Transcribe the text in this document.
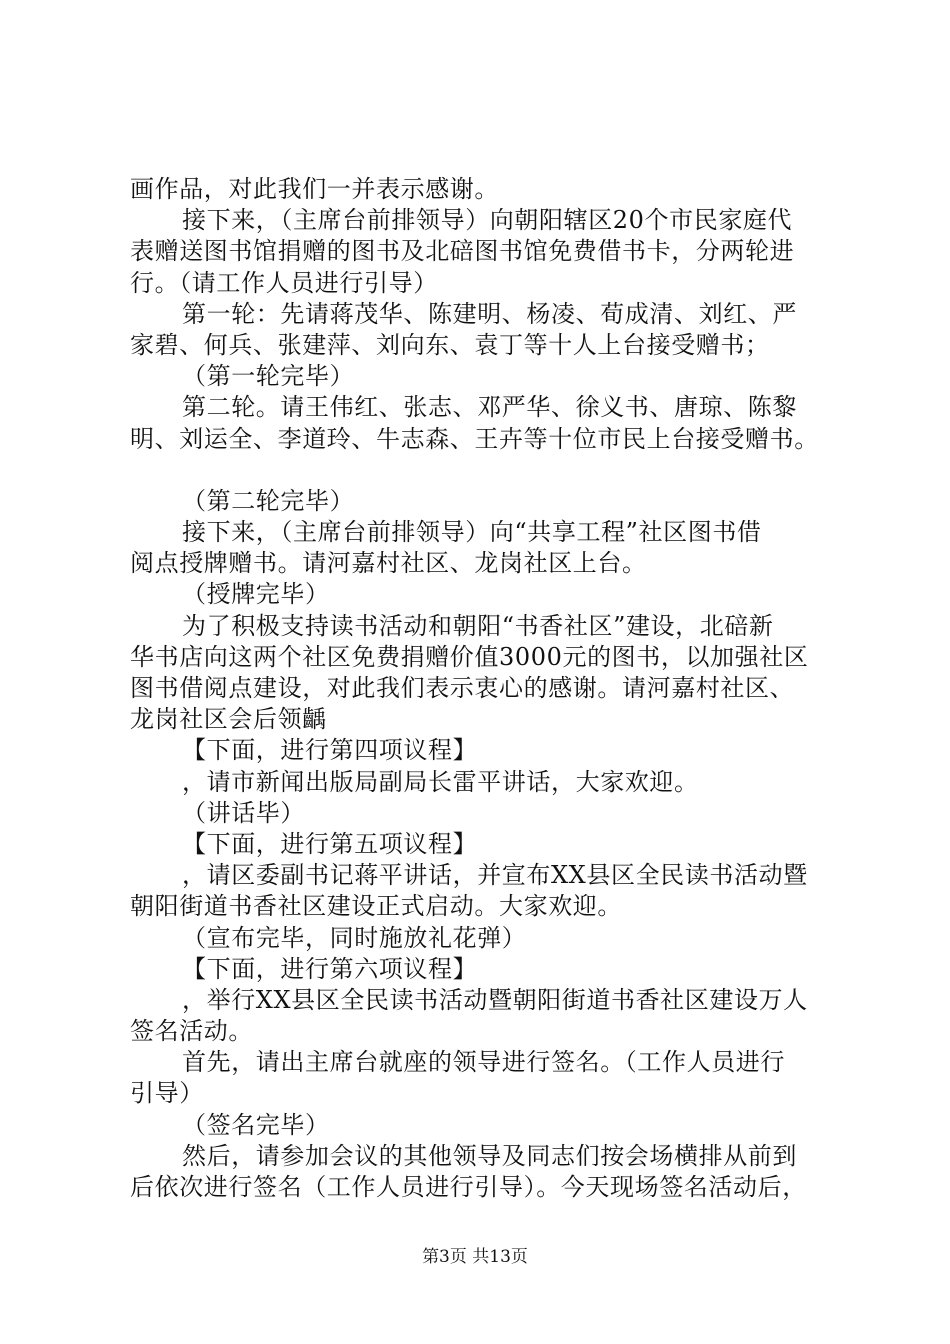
画作品，对此我们一并表示感谢。
接下来，（主席台前排领导）向朝阳辖区20个市民家庭代
表赠送图书馆捐赠的图书及北碚图书馆免费借书卡，分两轮进
行。（请工作人员进行引导）
第一轮：先请蒋茂华、陈建明、杨凌、荀成清、刘红、严
家碧、何兵、张建萍、刘向东、袁丁等十人上台接受赠书；
（第一轮完毕）
第二轮。请王伟红、张志、邓严华、徐义书、唐琼、陈黎
明、刘运全、李道玲、牛志森、王卉等十位市民上台接受赠书。
（第二轮完毕）
接下来，（主席台前排领导）向“共享工程”社区图书借
阅点授牌赠书。请河嘉村社区、龙岗社区上台。
（授牌完毕）
为了积极支持读书活动和朝阳“书香社区”建设，北碚新
华书店向这两个社区免费捐赠价值3000元的图书，以加强社区
图书借阅点建设，对此我们表示衷心的感谢。请河嘉村社区、
龙岗社区会后领齲
【下面，进行第四项议程】
，请市新闻出版局副局长雷平讲话，大家欢迎。
（讲话毕）
【下面，进行第五项议程】
，请区委副书记蒋平讲话，并宣布XX县区全民读书活动暨
朝阳街道书香社区建设正式启动。大家欢迎。
（宣布完毕，同时施放礼花弹）
【下面，进行第六项议程】
，举行XX县区全民读书活动暨朝阳街道书香社区建设万人
签名活动。
首先，请出主席台就座的领导进行签名。（工作人员进行
引导）
（签名完毕）
然后，请参加会议的其他领导及同志们按会场横排从前到
后依次进行签名（工作人员进行引导）。今天现场签名活动后，
第3页 共13页
